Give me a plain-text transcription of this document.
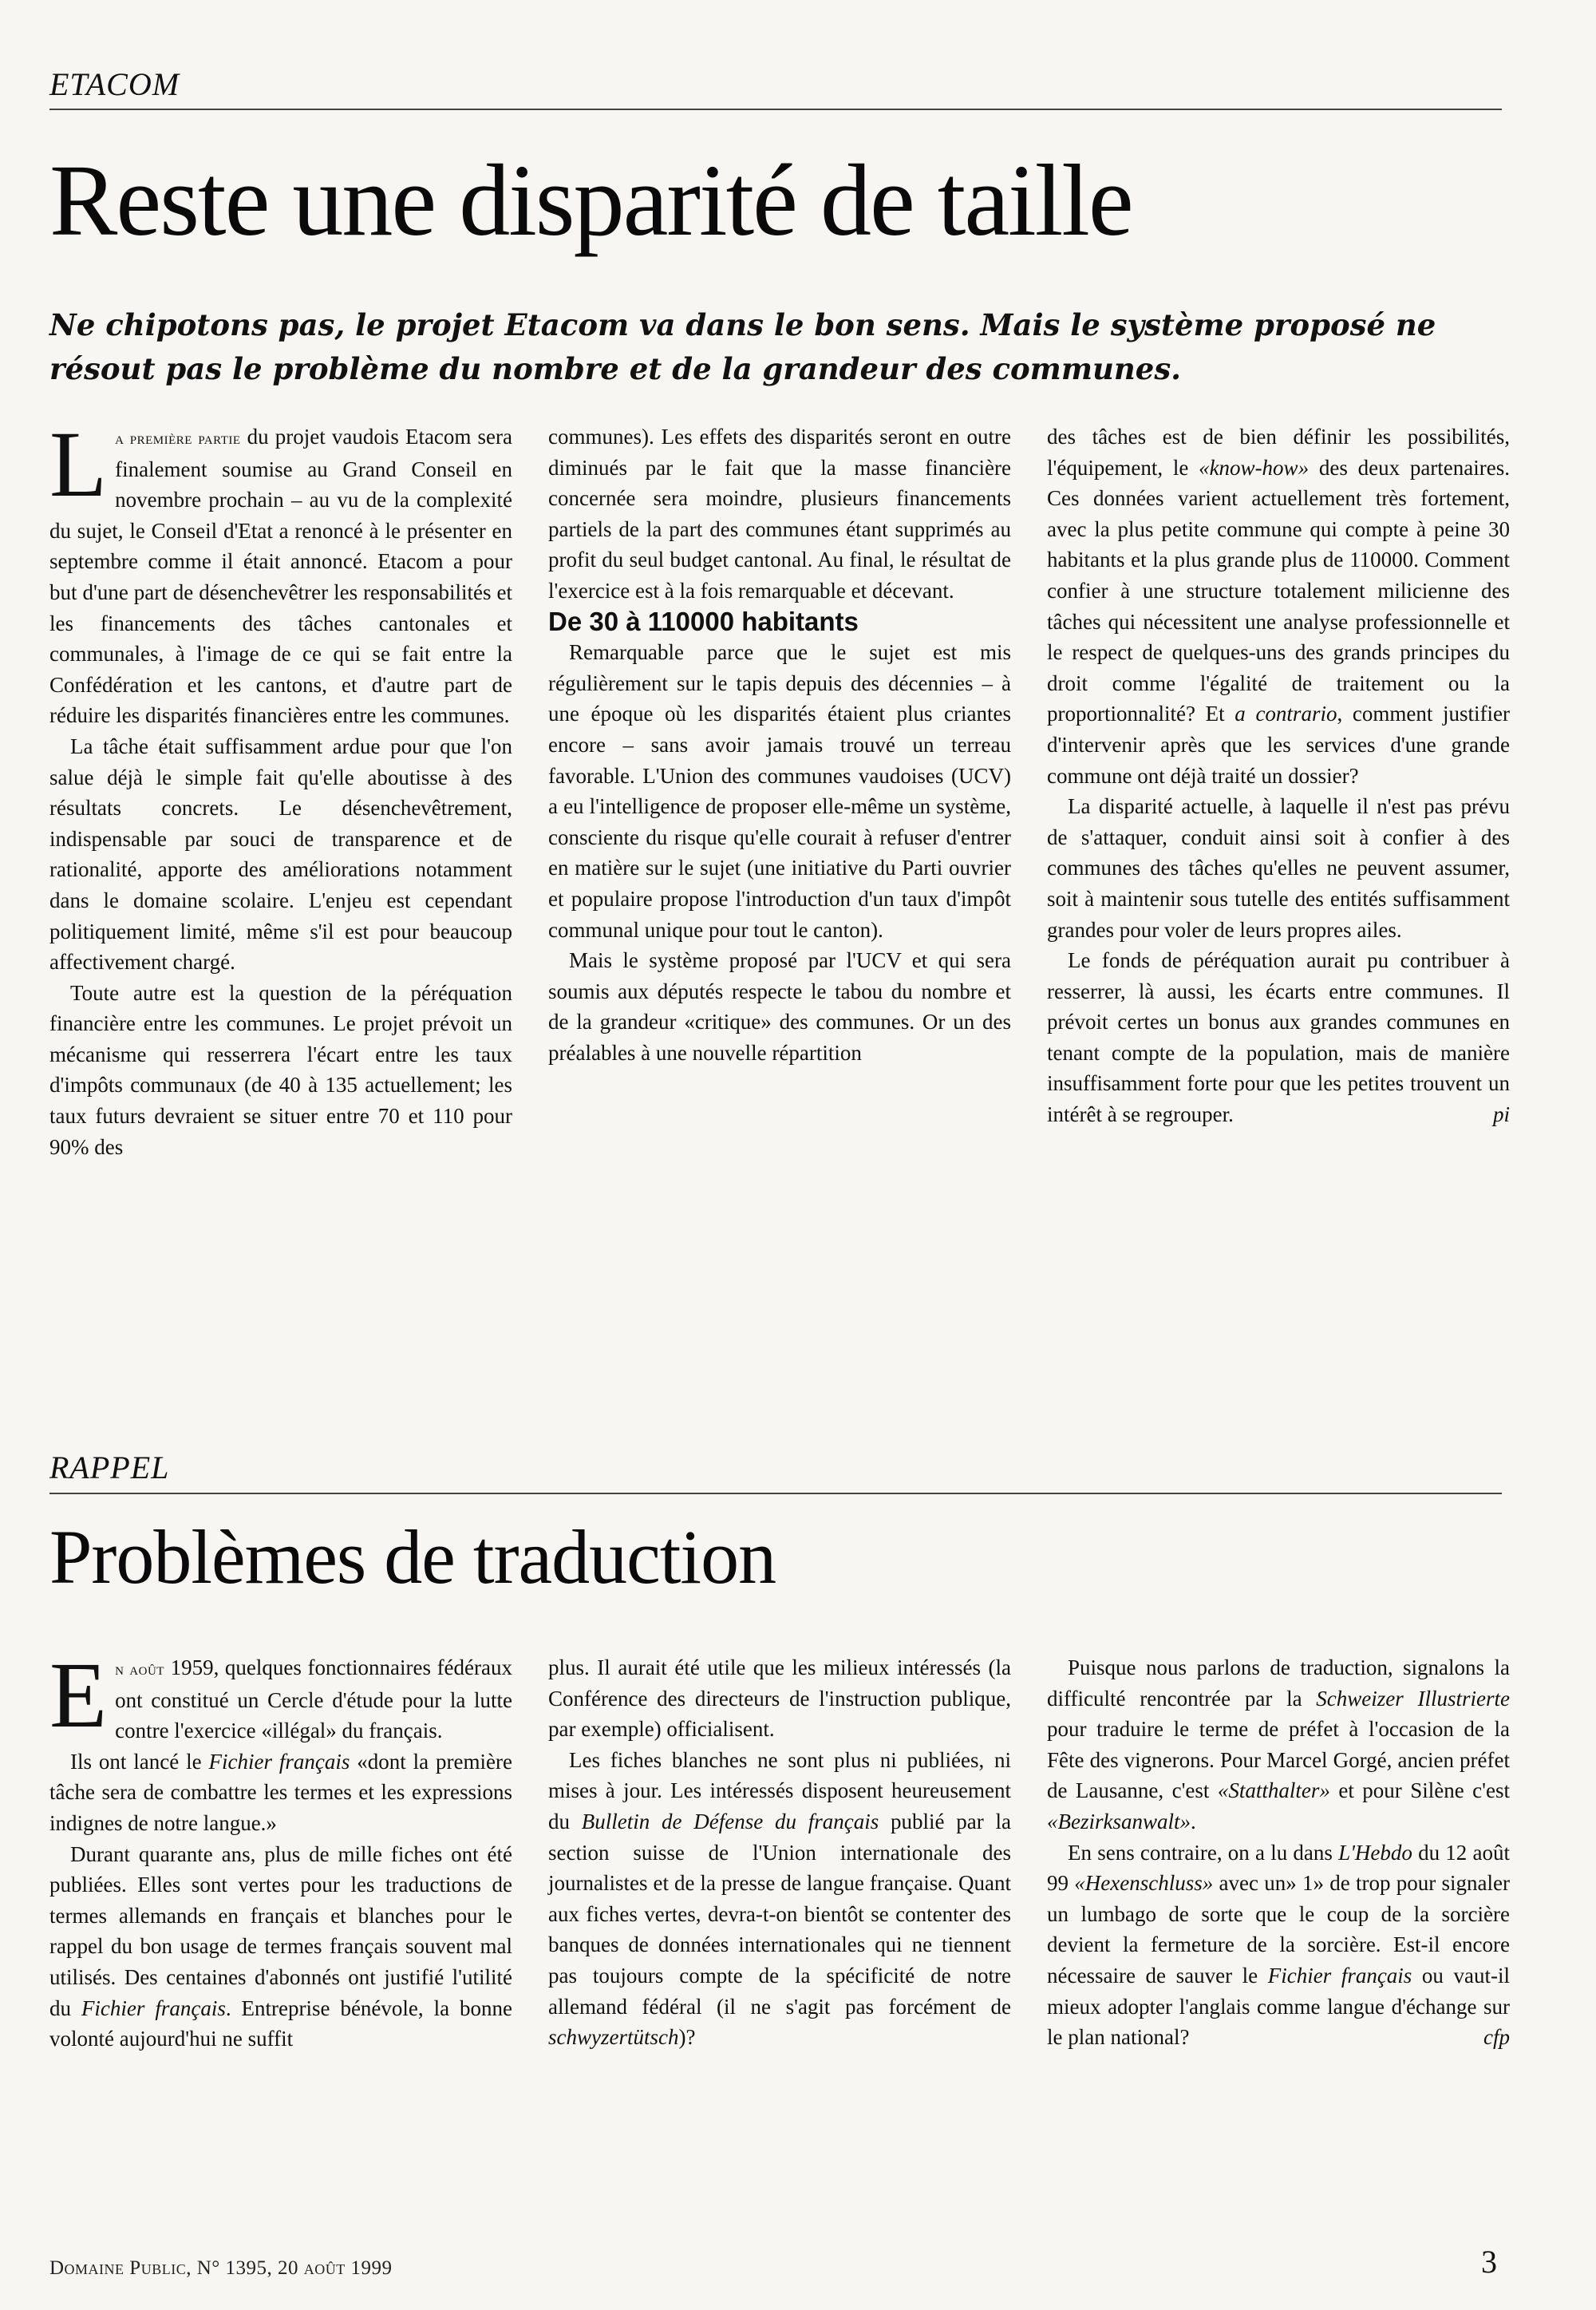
ETACOM
Reste une disparité de taille

Ne chipotons pas, le projet Etacom va dans le bon sens. Mais le système proposé ne résout pas le problème du nombre et de la grandeur des communes.

La première partie du projet vaudois Etacom sera finalement soumise au Grand Conseil en novembre prochain – au vu de la complexité du sujet, le Conseil d'Etat a renoncé à le présenter en septembre comme il était annoncé. Etacom a pour but d'une part de désenchevêtrer les responsabilités et les financements des tâches cantonales et communales, à l'image de ce qui se fait entre la Confédération et les cantons, et d'autre part de réduire les disparités financières entre les communes.

La tâche était suffisamment ardue pour que l'on salue déjà le simple fait qu'elle aboutisse à des résultats concrets. Le désenchevêtrement, indispensable par souci de transparence et de rationalité, apporte des améliorations notamment dans le domaine scolaire. L'enjeu est cependant politiquement limité, même s'il est pour beaucoup affectivement chargé.

Toute autre est la question de la péréquation financière entre les communes. Le projet prévoit un mécanisme qui resserrera l'écart entre les taux d'impôts communaux (de 40 à 135 actuellement; les taux futurs devraient se situer entre 70 et 110 pour 90% des

communes). Les effets des disparités seront en outre diminués par le fait que la masse financière concernée sera moindre, plusieurs financements partiels de la part des communes étant supprimés au profit du seul budget cantonal. Au final, le résultat de l'exercice est à la fois remarquable et décevant.

De 30 à 110000 habitants

Remarquable parce que le sujet est mis régulièrement sur le tapis depuis des décennies – à une époque où les disparités étaient plus criantes encore – sans avoir jamais trouvé un terreau favorable. L'Union des communes vaudoises (UCV) a eu l'intelligence de proposer elle-même un système, consciente du risque qu'elle courait à refuser d'entrer en matière sur le sujet (une initiative du Parti ouvrier et populaire propose l'introduction d'un taux d'impôt communal unique pour tout le canton).

Mais le système proposé par l'UCV et qui sera soumis aux députés respecte le tabou du nombre et de la grandeur «critique» des communes. Or un des préalables à une nouvelle répartition

des tâches est de bien définir les possibilités, l'équipement, le «know-how» des deux partenaires. Ces données varient actuellement très fortement, avec la plus petite commune qui compte à peine 30 habitants et la plus grande plus de 110000. Comment confier à une structure totalement milicienne des tâches qui nécessitent une analyse professionnelle et le respect de quelques-uns des grands principes du droit comme l'égalité de traitement ou la proportionnalité? Et a contrario, comment justifier d'intervenir après que les services d'une grande commune ont déjà traité un dossier?

La disparité actuelle, à laquelle il n'est pas prévu de s'attaquer, conduit ainsi soit à confier à des communes des tâches qu'elles ne peuvent assumer, soit à maintenir sous tutelle des entités suffisamment grandes pour voler de leurs propres ailes.

Le fonds de péréquation aurait pu contribuer à resserrer, là aussi, les écarts entre communes. Il prévoit certes un bonus aux grandes communes en tenant compte de la population, mais de manière insuffisamment forte pour que les petites trouvent un intérêt à se regrouper.	pi

RAPPEL
Problèmes de traduction

En août 1959, quelques fonctionnaires fédéraux ont constitué un Cercle d'étude pour la lutte contre l'exercice «illégal» du français.

Ils ont lancé le Fichier français «dont la première tâche sera de combattre les termes et les expressions indignes de notre langue.»

Durant quarante ans, plus de mille fiches ont été publiées. Elles sont vertes pour les traductions de termes allemands en français et blanches pour le rappel du bon usage de termes français souvent mal utilisés. Des centaines d'abonnés ont justifié l'utilité du Fichier français. Entreprise bénévole, la bonne volonté aujourd'hui ne suffit

plus. Il aurait été utile que les milieux intéressés (la Conférence des directeurs de l'instruction publique, par exemple) officialisent.

Les fiches blanches ne sont plus ni publiées, ni mises à jour. Les intéressés disposent heureusement du Bulletin de Défense du français publié par la section suisse de l'Union internationale des journalistes et de la presse de langue française. Quant aux fiches vertes, devra-t-on bientôt se contenter des banques de données internationales qui ne tiennent pas toujours compte de la spécificité de notre allemand fédéral (il ne s'agit pas forcément de schwyzertütsch)?

Puisque nous parlons de traduction, signalons la difficulté rencontrée par la Schweizer Illustrierte pour traduire le terme de préfet à l'occasion de la Fête des vignerons. Pour Marcel Gorgé, ancien préfet de Lausanne, c'est «Statthalter» et pour Silène c'est «Bezirksanwalt».

En sens contraire, on a lu dans L'Hebdo du 12 août 99 «Hexenschluss» avec un» 1» de trop pour signaler un lumbago de sorte que le coup de la sorcière devient la fermeture de la sorcière. Est-il encore nécessaire de sauver le Fichier français ou vaut-il mieux adopter l'anglais comme langue d'échange sur le plan national?	cfp

Domaine Public, N° 1395, 20 août 1999	3
